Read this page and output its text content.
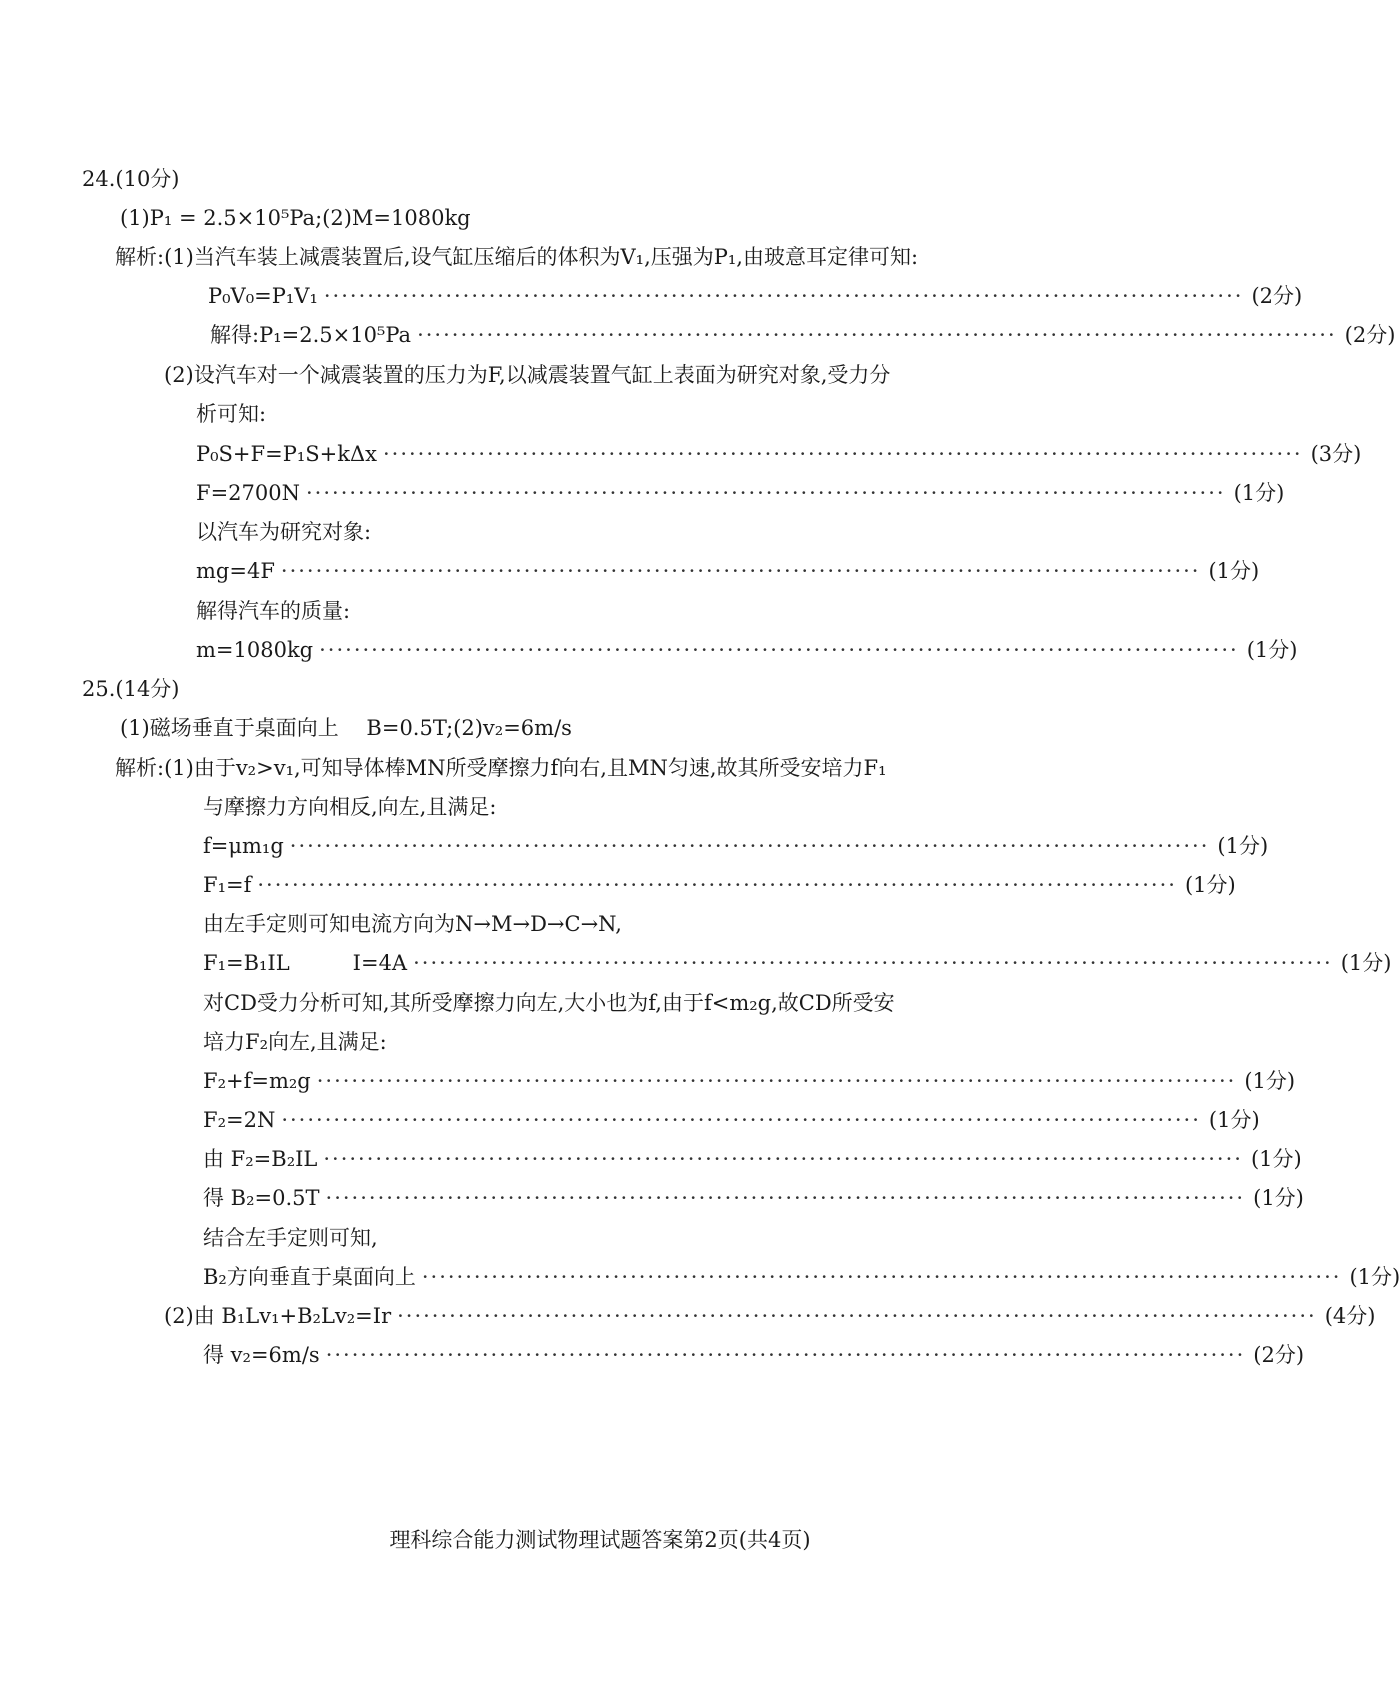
24.(10分)
(1)P₁ = 2.5×10⁵Pa;(2)M=1080kg
解析:(1)当汽车装上减震装置后,设气缸压缩后的体积为V₁,压强为P₁,由玻意耳定律可知:
P₀V₀=P₁V₁ ·········································································································· (2分)
解得:P₁=2.5×10⁵Pa ·········································································································· (2分)
(2)设汽车对一个减震装置的压力为F,以减震装置气缸上表面为研究对象,受力分
析可知:
P₀S+F=P₁S+kΔx ·········································································································· (3分)
F=2700N ·········································································································· (1分)
以汽车为研究对象:
mg=4F ·········································································································· (1分)
解得汽车的质量:
m=1080kg ·········································································································· (1分)
25.(14分)
(1)磁场垂直于桌面向上　 B=0.5T;(2)v₂=6m/s
解析:(1)由于v₂>v₁,可知导体棒MN所受摩擦力f向右,且MN匀速,故其所受安培力F₁
与摩擦力方向相反,向左,且满足:
f=μm₁g ·········································································································· (1分)
F₁=f ·········································································································· (1分)
由左手定则可知电流方向为N→M→D→C→N,
F₁=B₁IL　　　I=4A ·········································································································· (1分)
对CD受力分析可知,其所受摩擦力向左,大小也为f,由于f<m₂g,故CD所受安
培力F₂向左,且满足:
F₂+f=m₂g ·········································································································· (1分)
F₂=2N ·········································································································· (1分)
由 F₂=B₂IL ·········································································································· (1分)
得 B₂=0.5T ·········································································································· (1分)
结合左手定则可知,
B₂方向垂直于桌面向上 ·········································································································· (1分)
(2)由 B₁Lv₁+B₂Lv₂=Ir ·········································································································· (4分)
得 v₂=6m/s ·········································································································· (2分)
理科综合能力测试物理试题答案第2页(共4页)
